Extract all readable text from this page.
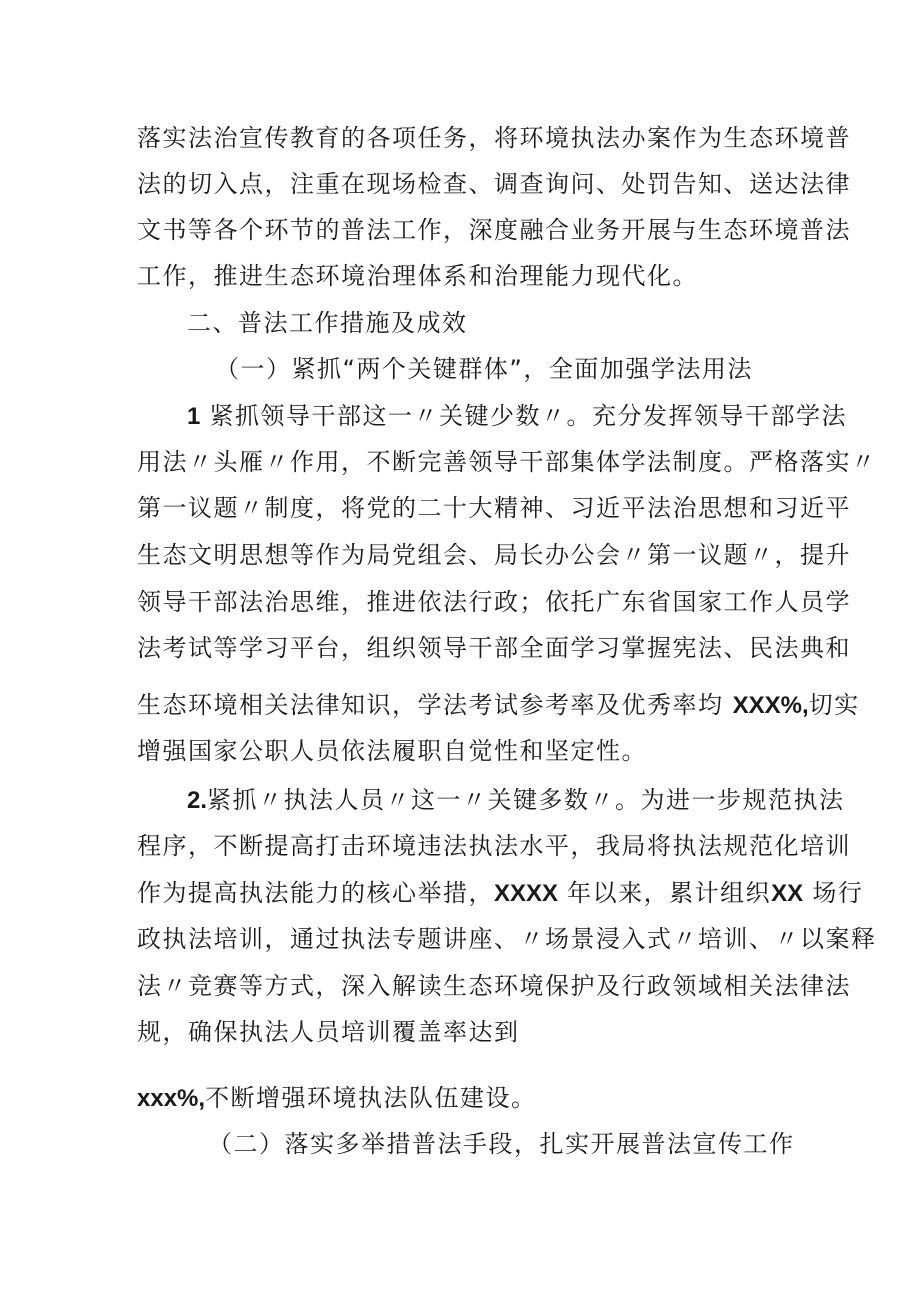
落实法治宣传教育的各项任务，将环境执法办案作为生态环境普
法的切入点，注重在现场检查、调查询问、处罚告知、送达法律
文书等各个环节的普法工作，深度融合业务开展与生态环境普法
工作，推进生态环境治理体系和治理能力现代化。
二、普法工作措施及成效
（一）紧抓“两个关键群体”，全面加强学法用法
1 紧抓领导干部这一〃关键少数〃。充分发挥领导干部学法
用法〃头雁〃作用，不断完善领导干部集体学法制度。严格落实〃
第一议题〃制度，将党的二十大精神、习近平法治思想和习近平
生态文明思想等作为局党组会、局长办公会〃第一议题〃，提升
领导干部法治思维，推进依法行政；依托广东省国家工作人员学
法考试等学习平台，组织领导干部全面学习掌握宪法、民法典和
生态环境相关法律知识，学法考试参考率及优秀率均 XXX%,切实
增强国家公职人员依法履职自觉性和坚定性。
2.紧抓〃执法人员〃这一〃关键多数〃。为进一步规范执法
程序，不断提高打击环境违法执法水平，我局将执法规范化培训
作为提高执法能力的核心举措，XXXX 年以来，累计组织XX 场行
政执法培训，通过执法专题讲座、〃场景浸入式〃培训、〃以案释
法〃竞赛等方式，深入解读生态环境保护及行政领域相关法律法
规，确保执法人员培训覆盖率达到
xxx%,不断增强环境执法队伍建设。
（二）落实多举措普法手段，扎实开展普法宣传工作
